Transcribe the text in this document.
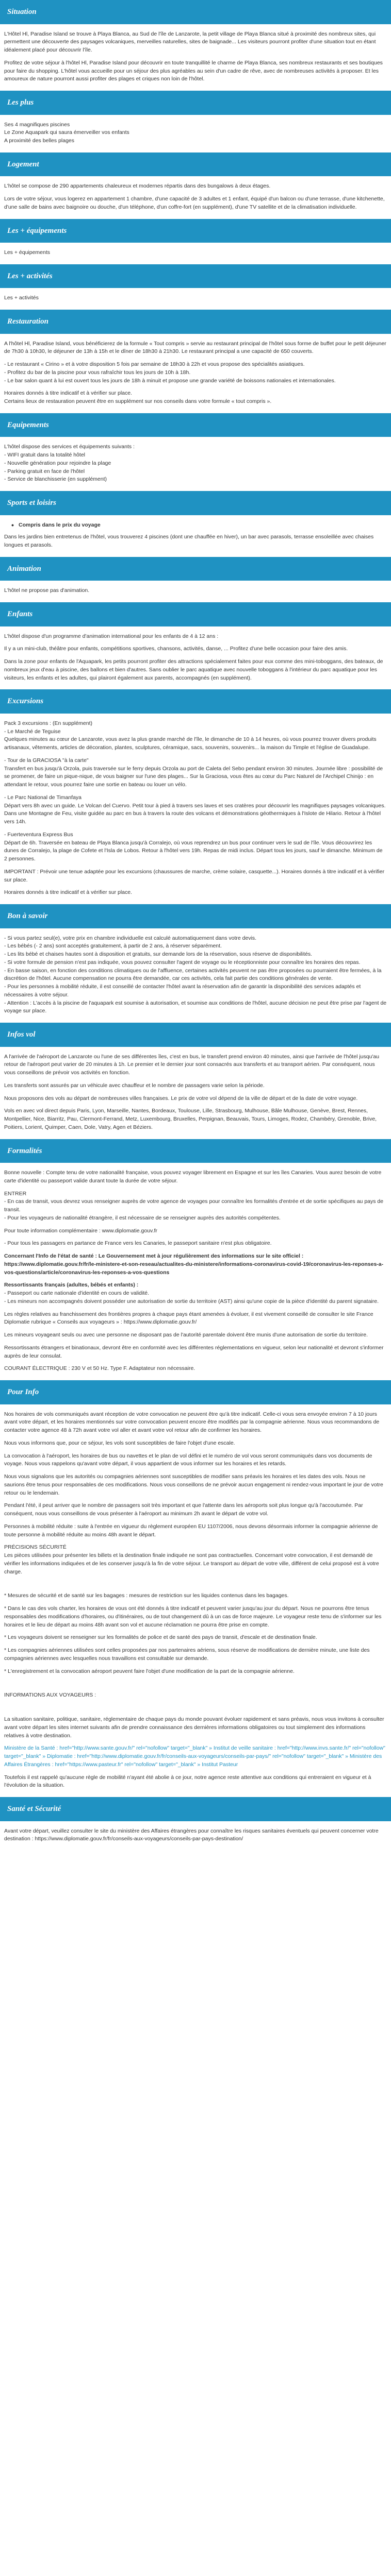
Situation

L'Hôtel Hl, Paradise Island se trouve à Playa Blanca, au Sud de l'île de Lanzarote, la petit village de Playa Blanca situé à proximité des nombreux sites, qui permettent une découverte des paysages volcaniques, merveilles naturelles, sites de baignade... Les visiteurs pourront profiter d'une situation tout en étant idéalement placé pour découvrir l'île.

Profitez de votre séjour à l'hôtel Hl, Paradise Island pour découvrir en toute tranquillité le charme de Playa Blanca, ses nombreux restaurants et ses boutiques pour faire du shopping. L'hôtel vous accueille pour un séjour des plus agréables au sein d'un cadre de rêve, avec de nombreuses activités à proposer. Et les amoureux de nature pourront aussi profiter des plages et criques non loin de l'hôtel.

Les plus
Ses 4 magnifiques piscines
Le Zone Aquapark qui saura émerveiller vos enfants
A proximité des belles plages
Logement

L'hôtel se compose de 290 appartements chaleureux et modernes répartis dans des bungalows à deux étages.

Lors de votre séjour, vous logerez en appartement 1 chambre, d'une capacité de 3 adultes et 1 enfant, équipé d'un balcon ou d'une terrasse, d'une kitchenette, d'une salle de bains avec baignoire ou douche, d'un téléphone, d'un coffre-fort (en supplément), d'une TV satellite et de la climatisation individuelle.

Les + équipements

Les + équipements

Les + activités

Les + activités

Restauration

A l'hôtel Hl, Paradise Island, vous bénéficierez de la formule « Tout compris » servie au restaurant principal de l'hôtel sous forme de buffet pour le petit déjeuner de 7h30 à 10h30, le déjeuner de 13h à 15h et le dîner de 18h30 à 21h30. Le restaurant principal a une capacité de 650 couverts.

- Le restaurant « Cirino » et à votre disposition 5 fois par semaine de 18h30 à 22h et vous propose des spécialités asiatiques.
- Profitez du bar de la piscine pour vous rafraîchir tous les jours de 10h à 18h.

- Le bar salon quant à lui est ouvert tous les jours de 18h à minuit et propose une grande variété de boissons nationales et internationales.

Horaires donnés à titre indicatif et à vérifier sur place.

Certains lieux de restauration peuvent être en supplément sur nos conseils dans votre formule « tout compris ».

Equipements
L'hôtel dispose des services et équipements suivants :
- WIFI gratuit dans la totalité hôtel
- Nouvelle génération pour rejoindre la plage
- Parking gratuit en face de l'hôtel
- Service de blanchisserie (en supplément)
Sports et loisirs
• Compris dans le prix du voyage

Dans les jardins bien entretenus de l'hôtel, vous trouverez 4 piscines (dont une chauffée en hiver), un bar avec parasols, terrasse ensoleillée avec chaises longues et parasols.

Animation

L'hôtel ne propose pas d'animation.

Enfants

L'hôtel dispose d'un programme d'animation international pour les enfants de 4 à 12 ans :

Il y a un mini-club, théâtre pour enfants, compétitions sportives, chansons, activités, danse, ... Profitez d'une belle occasion pour faire des amis.

Dans la zone pour enfants de l'Aquapark, les petits pourront profiter des attractions spécialement faites pour eux comme des mini-toboggans, des bateaux, de nombreux jeux d'eau à piscine, des ballons et bien d'autres. Sans oublier le parc aquatique avec nouvelle toboggans à l'intérieur du parc aquatique pour les visiteurs, les enfants et les adultes, qui plairont également aux parents, accompagnés (en supplément).

Excursions
Pack 3 excursions : (En supplément)
- Le Marché de Teguise

Quelques minutes au cœur de Lanzarote, vous avez la plus grande marché de l'île, le dimanche de 10 à 14 heures, où vous pourrez trouver divers produits artisanaux, vêtements, articles de décoration, plantes, sculptures, céramique, sacs, souvenirs, souvenirs... la maison du Timple et l'église de Guadalupe.

- Tour de la GRACIOSA "à la carte"

Transfert en bus jusqu'à Orzola, puis traversée sur le ferry depuis Orzola au port de Caleta del Sebo pendant environ 30 minutes. Journée libre : possibilité de se promener, de faire un pique-nique, de vous baigner sur l'une des plages... Sur la Graciosa, vous êtes au cœur du Parc Naturel de l'Archipel Chinijo : en attendant le retour, vous pourrez faire une sortie en bateau ou louer un vélo.

- Le Parc National de Timanfaya

Départ vers 8h avec un guide. Le Volcan del Cuervo. Petit tour à pied à travers ses laves et ses cratères pour découvrir les magnifiques paysages volcaniques. Dans une Montagne de Feu, visite guidée au parc en bus à travers la route des volcans et démonstrations géothermiques à l'Islote de Hilario. Retour à l'hôtel vers 14h.

- Fuerteventura Express Bus

Départ de 6h. Traversée en bateau de Playa Blanca jusqu'à Corralejo, où vous reprendrez un bus pour continuer vers le sud de l'île. Vous découvrirez les dunes de Corralejo, la plage de Cofete et l'Isla de Lobos. Retour à l'hôtel vers 19h. Repas de midi inclus. Départ tous les jours, sauf le dimanche. Minimum de 2 personnes.

IMPORTANT : Prévoir une tenue adaptée pour les excursions (chaussures de marche, crème solaire, casquette...). Horaires donnés à titre indicatif et à vérifier sur place.

Horaires donnés à titre indicatif et à vérifier sur place.

Bon à savoir
- Si vous partez seul(e), votre prix en chambre individuelle est calculé automatiquement dans votre devis.
- Les bébés (- 2 ans) sont acceptés gratuitement, à partir de 2 ans, à réserver séparément.
- Les lits bébé et chaises hautes sont à disposition et gratuits, sur demande lors de la réservation, sous réserve de disponibilités.
- Si votre formule de pension n'est pas indiquée, vous pouvez consulter l'agent de voyage ou le réceptionniste pour connaître les horaires des repas.
- En basse saison, en fonction des conditions climatiques ou de l'affluence, certaines activités peuvent ne pas être proposées ou pourraient être fermées, à la discrétion de l'hôtel. Aucune compensation ne pourra être demandée, car ces activités, cela fait partie des conditions générales de vente.
- Pour les personnes à mobilité réduite, il est conseillé de contacter l'hôtel avant la réservation afin de garantir la disponibilité des services adaptés et nécessaires à votre séjour.

- Attention : L'accès à la piscine de l'aquapark est soumise à autorisation, et soumise aux conditions de l'hôtel, aucune décision ne peut être prise par l'agent de voyage sur place.

Infos vol

A l'arrivée de l'aéroport de Lanzarote ou l'une de ses différentes îles, c'est en bus, le transfert prend environ 40 minutes, ainsi que l'arrivée de l'hôtel jusqu'au retour de l'aéroport peut varier de 20 minutes à 1h. Le premier et le dernier jour sont consacrés aux transferts et au transport aérien. Par conséquent, nous vous conseillons de prévoir vos activités en fonction.

Les transferts sont assurés par un véhicule avec chauffeur et le nombre de passagers varie selon la période.

Nous proposons des vols au départ de nombreuses villes françaises. Le prix de votre vol dépend de la ville de départ et de la date de votre voyage.

Vols en avec vol direct depuis Paris, Lyon, Marseille, Nantes, Bordeaux, Toulouse, Lille, Strasbourg, Mulhouse, Bâle Mulhouse, Genève, Brest, Rennes, Montpellier, Nice, Biarritz, Pau, Clermont-Ferrand, Metz, Luxembourg, Bruxelles, Perpignan, Beauvais, Tours, Limoges, Rodez, Chambéry, Grenoble, Brive, Poitiers, Lorient, Quimper, Caen, Dole, Vatry, Agen et Béziers.

Formalités

Bonne nouvelle : Compte tenu de votre nationalité française, vous pouvez voyager librement en Espagne et sur les îles Canaries. Vous aurez besoin de votre carte d'identité ou passeport valide durant toute la durée de votre séjour.

ENTRER
- En cas de transit, vous devrez vous renseigner auprès de votre agence de voyages pour connaître les formalités d'entrée et de sortie spécifiques au pays de transit.

- Pour les voyageurs de nationalité étrangère, il est nécessaire de se renseigner auprès des autorités compétentes.

Pour toute information complémentaire : www.diplomatie.gouv.fr

- Pour tous les passagers en partance de France vers les Canaries, le passeport sanitaire n'est plus obligatoire.

Concernant l'Info de l'état de santé : Le Gouvernement met à jour régulièrement des informations sur le site officiel : https://www.diplomatie.gouv.fr/fr/le-ministere-et-son-reseau/actualites-du-ministere/informations-coronavirus-covid-19/coronavirus-les-reponses-a-vos-questions/article/coronavirus-les-reponses-a-vos-questions

Ressortissants français (adultes, bébés et enfants) :
- Passeport ou carte nationale d'identité en cours de validité.

- Les mineurs non accompagnés doivent posséder une autorisation de sortie du territoire (AST) ainsi qu'une copie de la pièce d'identité du parent signataire.

Les règles relatives au franchissement des frontières propres à chaque pays étant amenées à évoluer, il est vivement conseillé de consulter le site France Diplomatie rubrique « Conseils aux voyageurs » : https://www.diplomatie.gouv.fr/

Les mineurs voyageant seuls ou avec une personne ne disposant pas de l'autorité parentale doivent être munis d'une autorisation de sortie du territoire.

Ressortissants étrangers et binationaux, devront être en conformité avec les différentes réglementations en vigueur, selon leur nationalité et devront s'informer auprès de leur consulat.

COURANT ÉLECTRIQUE : 230 V et 50 Hz. Type F. Adaptateur non nécessaire.

Pour Info

Nos horaires de vols communiqués avant réception de votre convocation ne peuvent être qu'à titre indicatif. Celle-ci vous sera envoyée environ 7 à 10 jours avant votre départ, et les horaires mentionnés sur votre convocation peuvent encore être modifiés par la compagnie aérienne. Nous vous recommandons de contacter votre agence 48 à 72h avant votre vol aller et avant votre vol retour afin de confirmer les horaires.

Nous vous informons que, pour ce séjour, les vols sont susceptibles de faire l'objet d'une escale.

La convocation à l'aéroport, les horaires de bus ou navettes et le plan de vol défini et le numéro de vol vous seront communiqués dans vos documents de voyage. Nous vous rappelons qu'avant votre départ, il vous appartient de vous informer sur les horaires et les retards.

Nous vous signalons que les autorités ou compagnies aériennes sont susceptibles de modifier sans préavis les horaires et les dates des vols. Nous ne saurions être tenus pour responsables de ces modifications. Nous vous conseillons de ne prévoir aucun engagement ni rendez-vous important le jour de votre retour ou le lendemain.

Pendant l'été, il peut arriver que le nombre de passagers soit très important et que l'attente dans les aéroports soit plus longue qu'à l'accoutumée. Par conséquent, nous vous conseillons de vous présenter à l'aéroport au minimum 2h avant le départ de votre vol.

Personnes à mobilité réduite : suite à l'entrée en vigueur du règlement européen EU 1107/2006, nous devons désormais informer la compagnie aérienne de toute personne à mobilité réduite au moins 48h avant le départ.

PRÉCISIONS SÉCURITÉ

Les pièces utilisées pour présenter les billets et la destination finale indiquée ne sont pas contractuelles. Concernant votre convocation, il est demandé de vérifier les informations indiquées et de les conserver jusqu'à la fin de votre séjour. Le transport au départ de votre ville, différent de celui proposé est à votre charge.

* Mesures de sécurité et de santé sur les bagages : mesures de restriction sur les liquides contenus dans les bagages.

* Dans le cas des vols charter, les horaires de vous ont été donnés à titre indicatif et peuvent varier jusqu'au jour du départ. Nous ne pourrons être tenus responsables des modifications d'horaires, ou d'itinéraires, ou de tout changement dû à un cas de force majeure. Le voyageur reste tenu de s'informer sur les horaires et le lieu de départ au moins 48h avant son vol et aucune réclamation ne pourra être prise en compte.

* Les voyageurs doivent se renseigner sur les formalités de police et de santé des pays de transit, d'escale et de destination finale.

* Les compagnies aériennes utilisées sont celles proposées par nos partenaires aériens, sous réserve de modifications de dernière minute, une liste des compagnies aériennes avec lesquelles nous travaillons est consultable sur demande.

* L'enregistrement et la convocation aéroport peuvent faire l'objet d'une modification de la part de la compagnie aérienne.

INFORMATIONS AUX VOYAGEURS :

La situation sanitaire, politique, sanitaire, réglementaire de chaque pays du monde pouvant évoluer rapidement et sans préavis, nous vous invitons à consulter avant votre départ les sites internet suivants afin de prendre connaissance des dernières informations obligatoires ou tout simplement des informations relatives à votre destination.

Ministère de la Santé : href="http://www.sante.gouv.fr/" rel="nofollow" target="_blank" » Institut de veille sanitaire : href="http://www.invs.sante.fr/" rel="nofollow" target="_blank" » Diplomatie : href="http://www.diplomatie.gouv.fr/fr/conseils-aux-voyageurs/conseils-par-pays/" rel="nofollow" target="_blank" » Ministère des Affaires Étrangères : href="https://www.pasteur.fr" rel="nofollow" target="_blank" » Institut Pasteur

Toutefois il est rappelé qu'aucune règle de mobilité n'ayant été abolie à ce jour, notre agence reste attentive aux conditions qui entreraient en vigueur et à l'évolution de la situation.

Santé et Sécurité

Avant votre départ, veuillez consulter le site du ministère des Affaires étrangères pour connaître les risques sanitaires éventuels qui peuvent concerner votre destination : https://www.diplomatie.gouv.fr/fr/conseils-aux-voyageurs/conseils-par-pays-destination/
